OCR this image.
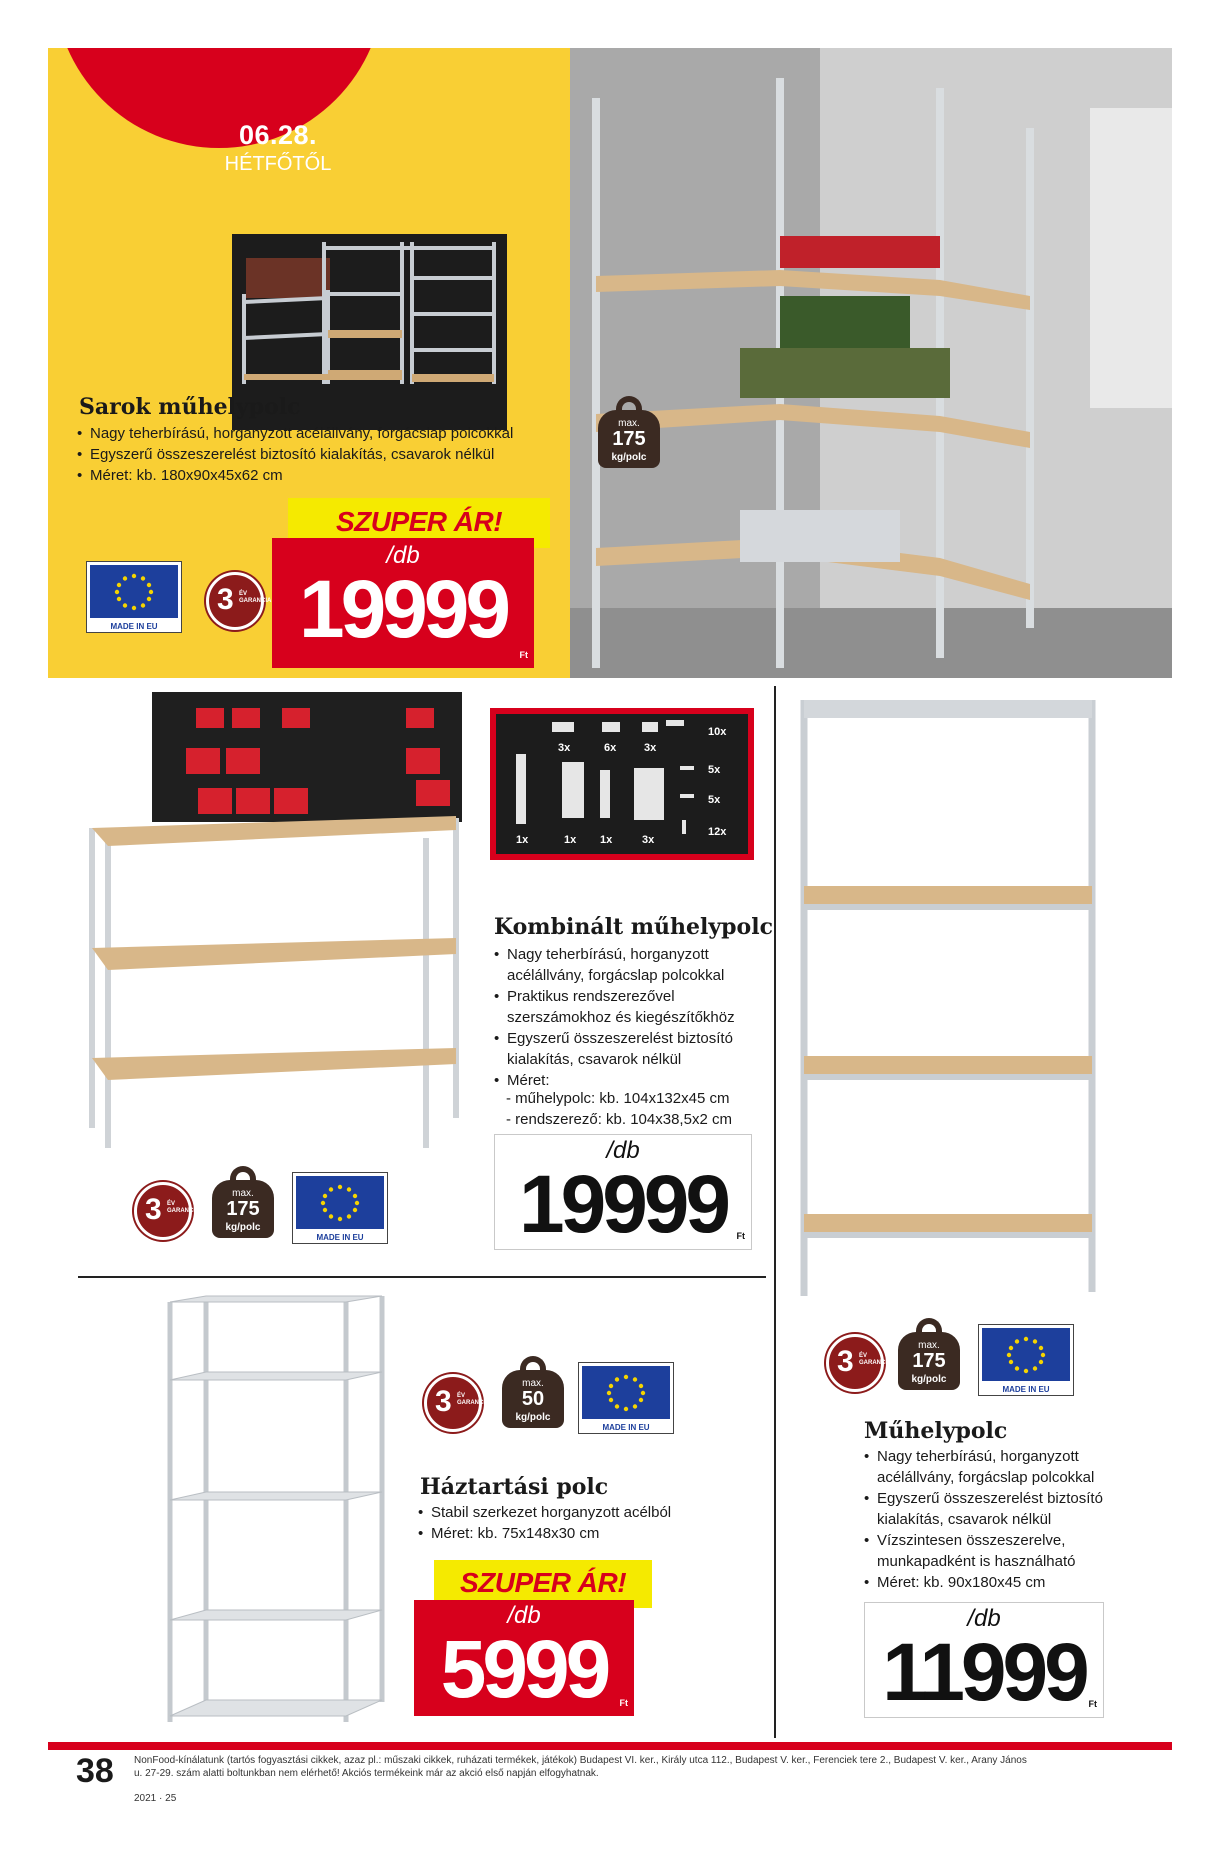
06.28.
HÉTFŐTŐL
Sarok műhelypolc
• Nagy teherbírású, horganyzott acélállvány, forgácslap polcokkal
• Egyszerű összeszerelést biztosító kialakítás, csavarok nélkül
• Méret: kb. 180x90x45x62 cm
MADE IN EU
3 ÉV GARANCIA
SZUPER ÁR!
/db
19999	Ft
max.
175
kg/polc
3x	6x	3x
10x
5x
5x
12x
1x	1x 1x	3x
Kombinált műhelypolc
• Nagy teherbírású, horganyzott acélállvány, forgácslap polcokkal
• Praktikus rendszerezővel szerszámokhoz és kiegészítőkhöz
• Egyszerű összeszerelést biztosító kialakítás, csavarok nélkül
• Méret:
- műhelypolc: kb. 104x132x45 cm
- rendszerező: kb. 104x38,5x2 cm
/db
19999	Ft
3 ÉV GARANCIA
max.
175
kg/polc
MADE IN EU
3 ÉV GARANCIA
max.
175
kg/polc
MADE IN EU
Műhelypolc
• Nagy teherbírású, horganyzott acélállvány, forgácslap polcokkal
• Egyszerű összeszerelést biztosító kialakítás, csavarok nélkül
• Vízszintesen összeszerelve, munkapadként is használható
• Méret: kb. 90x180x45 cm
/db
11999 Ft
3 ÉV GARANCIA
max.
50
kg/polc
MADE IN EU
Háztartási polc
• Stabil szerkezet horganyzott acélból
• Méret: kb. 75x148x30 cm
SZUPER ÁR!
/db
5999	Ft
38 NonFood-kínálatunk (tartós fogyasztási cikkek, azaz pl.: műszaki cikkek, ruházati termékek, játékok) Budapest VI. ker., Király utca 112., Budapest V. ker., Ferenciek tere 2., Budapest V. ker., Arany János u. 27-29. szám alatti boltunkban nem elérhető! Akciós termékeink már az akció első napján elfogyhatnak.
2021 · 25
